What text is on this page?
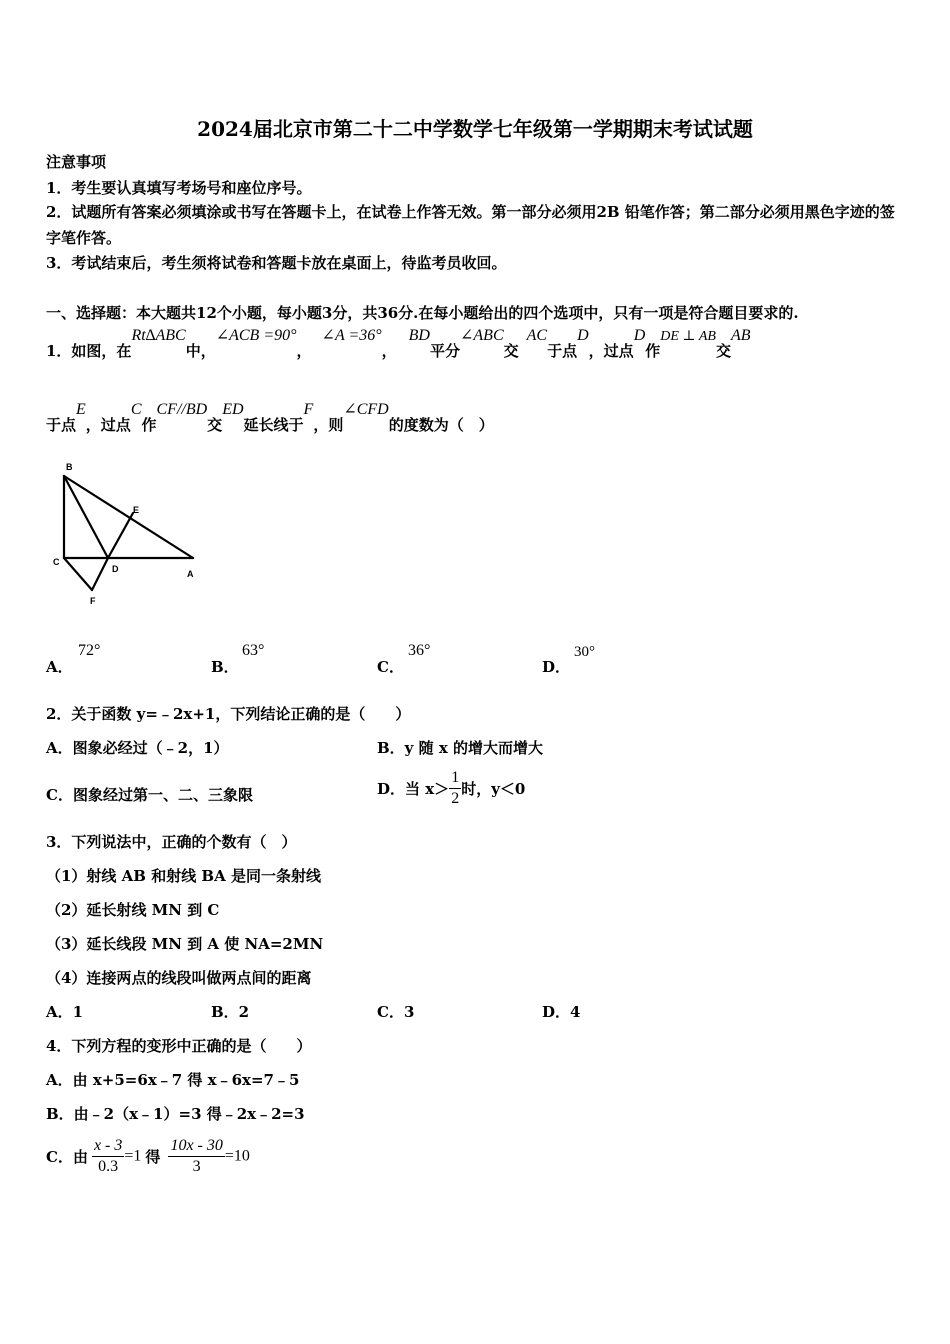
2024届北京市第二十二中学数学七年级第一学期期末考试试题
注意事项
1．考生要认真填写考场号和座位序号。
2．试题所有答案必须填涂或书写在答题卡上，在试卷上作答无效。第一部分必须用2B 铅笔作答；第二部分必须用黑色字迹的签字笔作答。
3．考试结束后，考生须将试卷和答题卡放在桌面上，待监考员收回。
一、选择题：本大题共12个小题，每小题3分，共36分.在每小题给出的四个选项中，只有一项是符合题目要求的.
1．如图，在Rt∆ABC中，∠ACB =90°，∠A =36°，BD平分∠ABC交AC于点D，过点D作DE ⊥ AB交AB
于点E，过点C作CF//BD交ED延长线于F，则∠CFD的度数为（　）
B
E
C
D	A
F
A．
72°
B．
63°
C．
36°
D．
30°
2．关于函数 y=﹣2x+1，下列结论正确的是（　　）
A．图象必经过（﹣2，1）	B．y 随 x 的增大而增大
C．图象经过第一、二、三象限	D．当 $x> \frac{1}{2}$ 时，y＜0
3．下列说法中，正确的个数有（　）
（1）射线 AB 和射线 BA 是同一条射线
（2）延长射线 MN 到 C
（3）延长线段 MN 到 A 使 NA=2MN
（4）连接两点的线段叫做两点间的距离
A．1	B．2	C．3	D．4
4．下列方程的变形中正确的是（　　）
A．由 x+5=6x﹣7 得 x﹣6x=7﹣5
B．由﹣2（x﹣1）=3 得﹣2x﹣2=3
C．由 $\frac{x - 3}{0.3} =1$ 得 $\frac{10x - 30}{3} =10$
